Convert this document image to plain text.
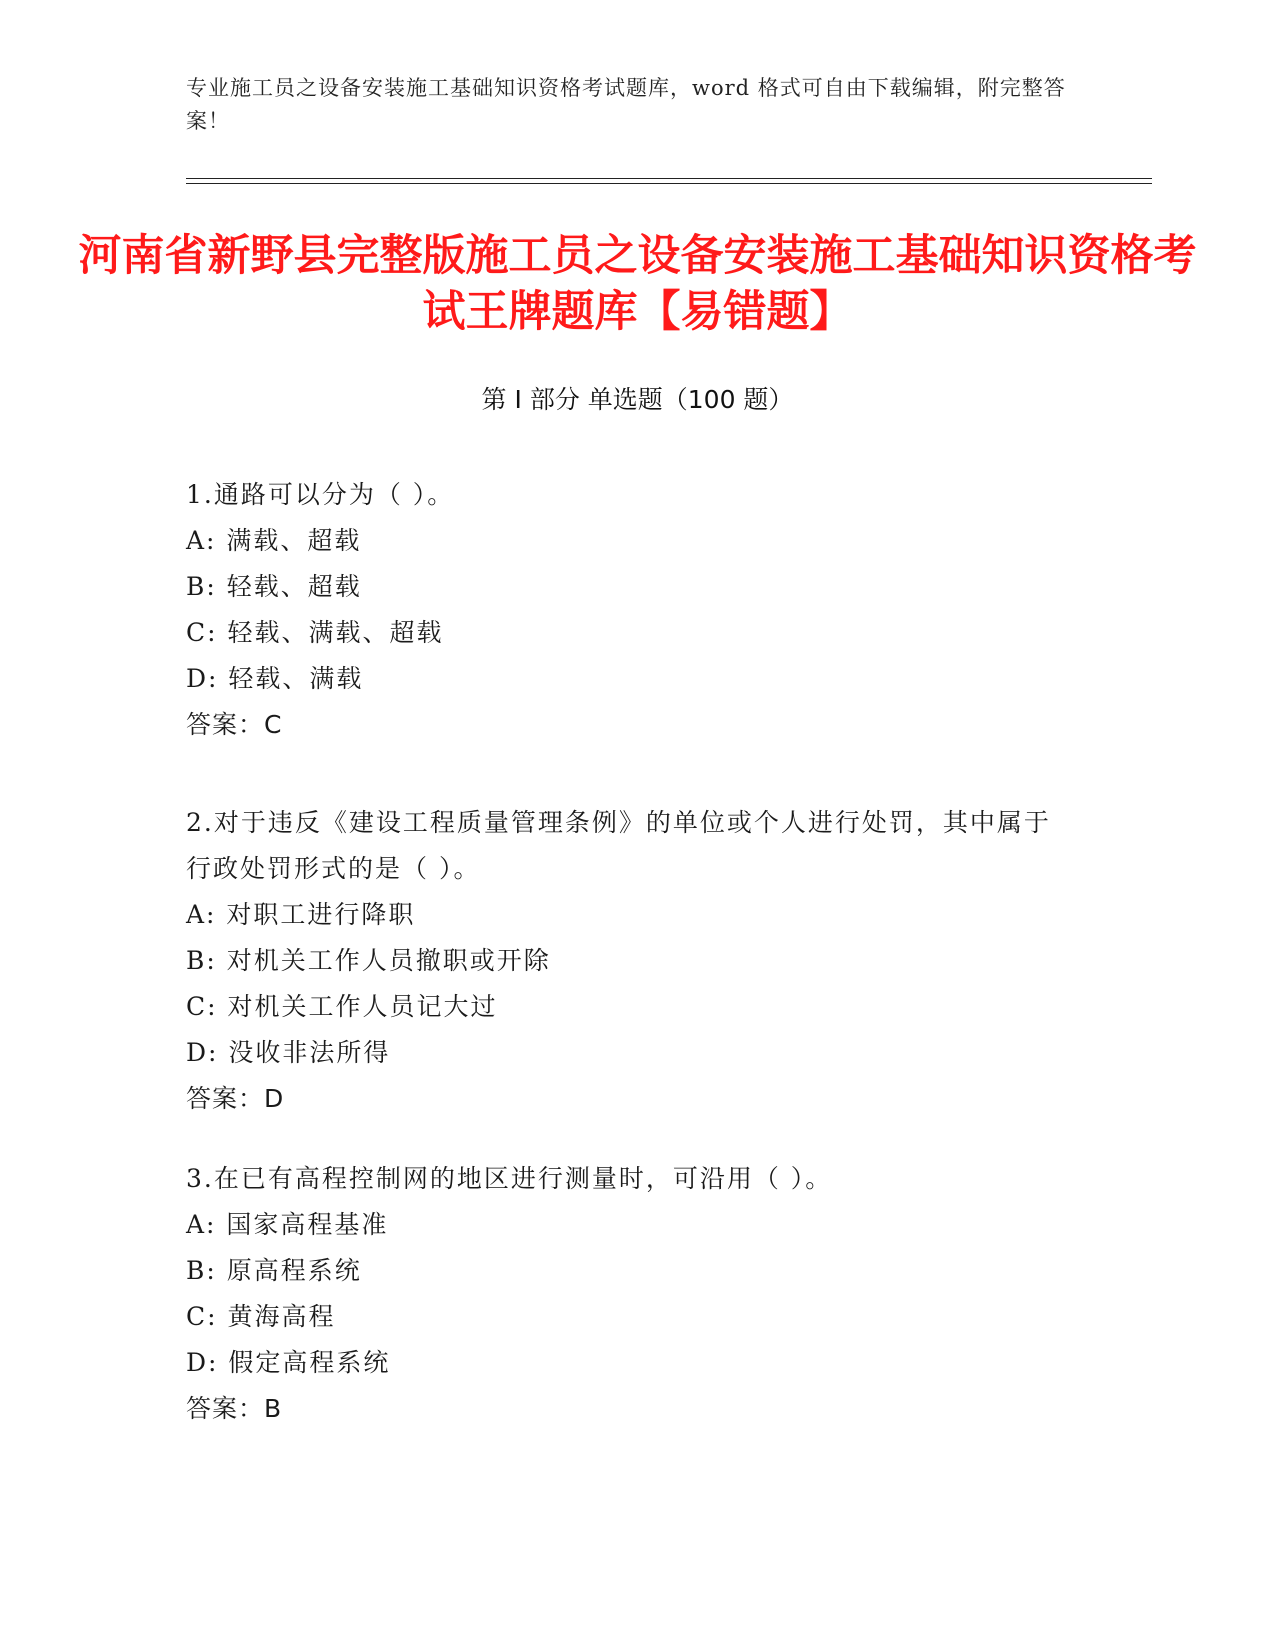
专业施工员之设备安装施工基础知识资格考试题库，word 格式可自由下载编辑，附完整答案！
河南省新野县完整版施工员之设备安装施工基础知识资格考试王牌题库【易错题】
第 I 部分 单选题（100 题）
1.通路可以分为（ ）。
A: 满载、超载
B: 轻载、超载
C: 轻载、满载、超载
D: 轻载、满载
答案：C
2.对于违反《建设工程质量管理条例》的单位或个人进行处罚，其中属于行政处罚形式的是（ ）。
A: 对职工进行降职
B: 对机关工作人员撤职或开除
C: 对机关工作人员记大过
D: 没收非法所得
答案：D
3.在已有高程控制网的地区进行测量时，可沿用（ ）。
A: 国家高程基准
B: 原高程系统
C: 黄海高程
D: 假定高程系统
答案：B
